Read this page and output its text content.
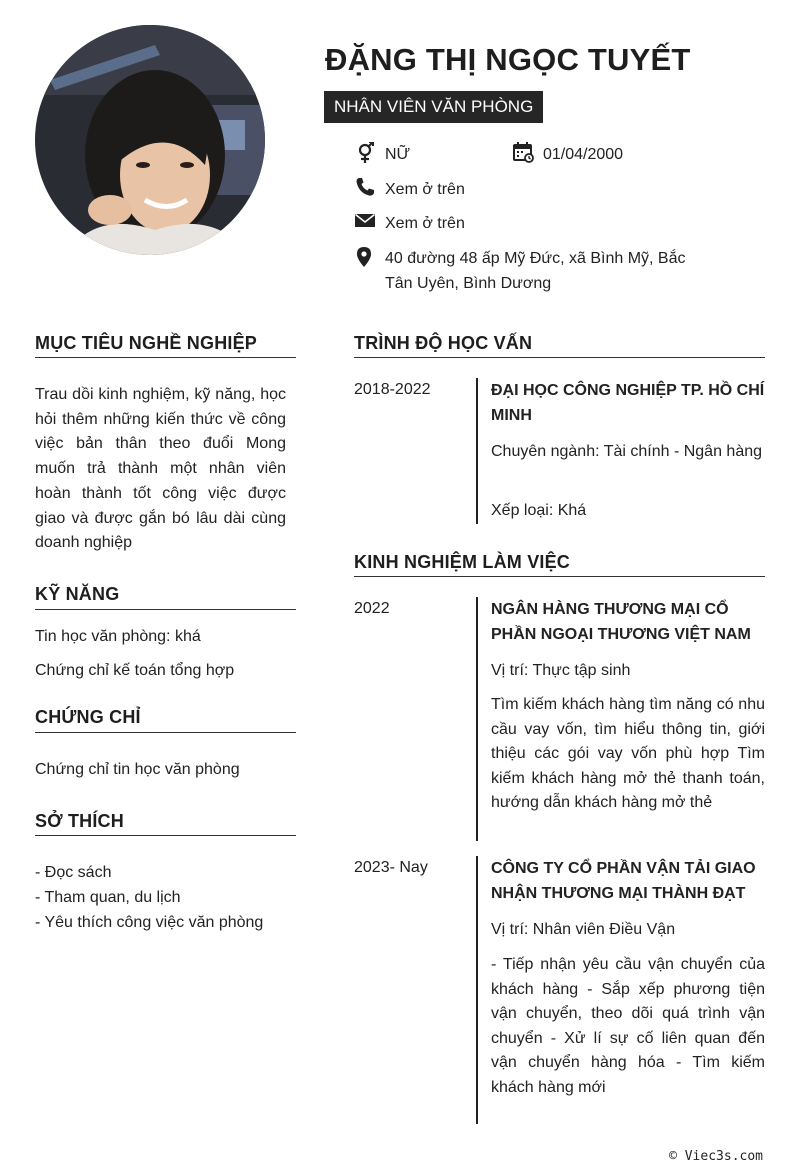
ĐẶNG THỊ NGỌC TUYẾT
NHÂN VIÊN VĂN PHÒNG
NỮ	01/04/2000
Xem ở trên
Xem ở trên
40 đường 48 ấp Mỹ Đức, xã Bình Mỹ, Bắc
Tân Uyên, Bình Dương
MỤC TIÊU NGHỀ NGHIỆP
Trau dồi kinh nghiệm, kỹ năng, học hỏi thêm những kiến thức về công việc bản thân theo đuổi Mong muốn trả thành một nhân viên hoàn thành tốt công việc được giao và được gắn bó lâu dài cùng doanh nghiệp
KỸ NĂNG
Tin học văn phòng: khá
Chứng chỉ kế toán tổng hợp
CHỨNG CHỈ
Chứng chỉ tin học văn phòng
SỞ THÍCH
- Đọc sách
- Tham quan, du lịch
- Yêu thích công việc văn phòng
TRÌNH ĐỘ HỌC VẤN
2018-2022	ĐẠI HỌC CÔNG NGHIỆP TP. HỒ CHÍ MINH
Chuyên ngành: Tài chính - Ngân hàng
Xếp loại: Khá
KINH NGHIỆM LÀM VIỆC
2022	NGÂN HÀNG THƯƠNG MẠI CỔ PHẦN NGOẠI THƯƠNG VIỆT NAM
Vị trí: Thực tập sinh
Tìm kiếm khách hàng tìm năng có nhu cầu vay vốn, tìm hiểu thông tin, giới thiệu các gói vay vốn phù hợp Tìm kiếm khách hàng mở thẻ thanh toán, hướng dẫn khách hàng mở thẻ
2023- Nay	CÔNG TY CỔ PHẦN VẬN TẢI GIAO NHẬN THƯƠNG MẠI THÀNH ĐẠT
Vị trí: Nhân viên Điều Vận
- Tiếp nhận yêu cầu vận chuyển của khách hàng - Sắp xếp phương tiện vận chuyển, theo dõi quá trình vận chuyển - Xử lí sự cố liên quan đến vận chuyển hàng hóa - Tìm kiếm khách hàng mới
© Viec3s.com
